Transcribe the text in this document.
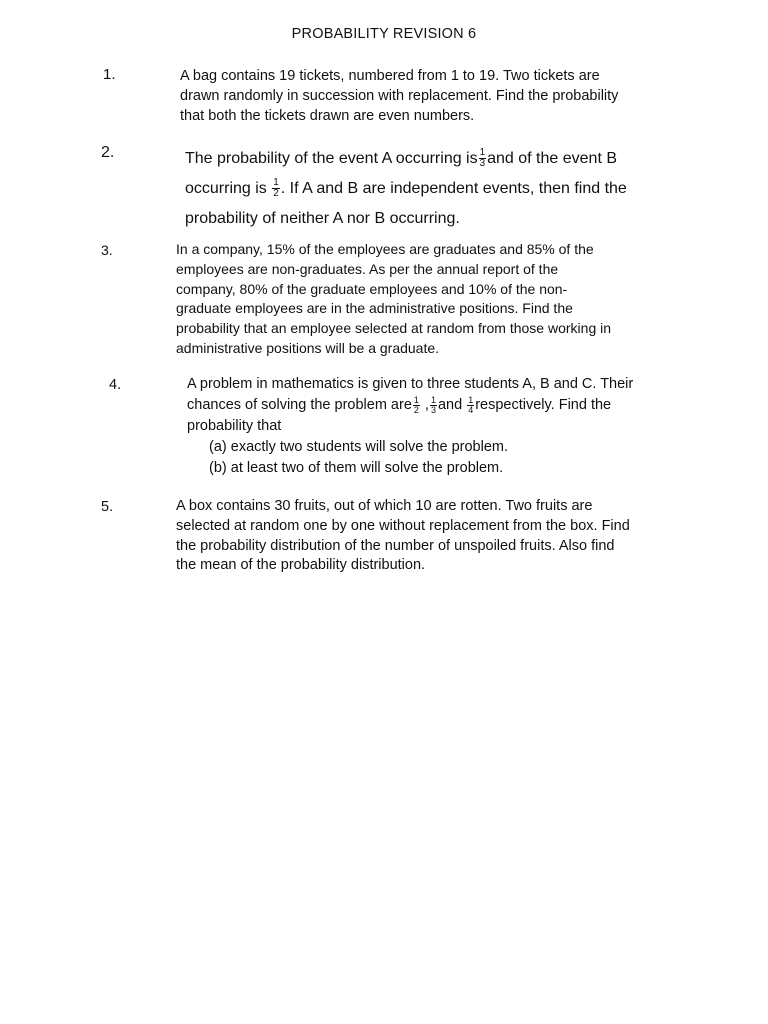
PROBABILITY REVISION 6
1.	A bag contains 19 tickets, numbered from 1 to 19. Two tickets are
drawn randomly in succession with replacement. Find the probability
that both the tickets drawn are even numbers.
2.	The probability of the event A occurring is $\frac{1}{3}$ and of the event B
occurring is $\frac{1}{2}$ . If A and B are independent events, then find the
probability of neither A nor B occurring.
3.	In a company, 15% of the employees are graduates and 85% of the
employees are non-graduates. As per the annual report of the
company, 80% of the graduate employees and 10% of the non-
graduate employees are in the administrative positions. Find the
probability that an employee selected at random from those working in
administrative positions will be a graduate.
4.	A problem in mathematics is given to three students A, B and C. Their
chances of solving the problem are $\frac{1}{2}$ , $\frac{1}{3}$ and $\frac{1}{4}$ respectively. Find the
probability that
(a) exactly two students will solve the problem.
(b) at least two of them will solve the problem.
5.	A box contains 30 fruits, out of which 10 are rotten. Two fruits are
selected at random one by one without replacement from the box. Find
the probability distribution of the number of unspoiled fruits. Also find
the mean of the probability distribution.
